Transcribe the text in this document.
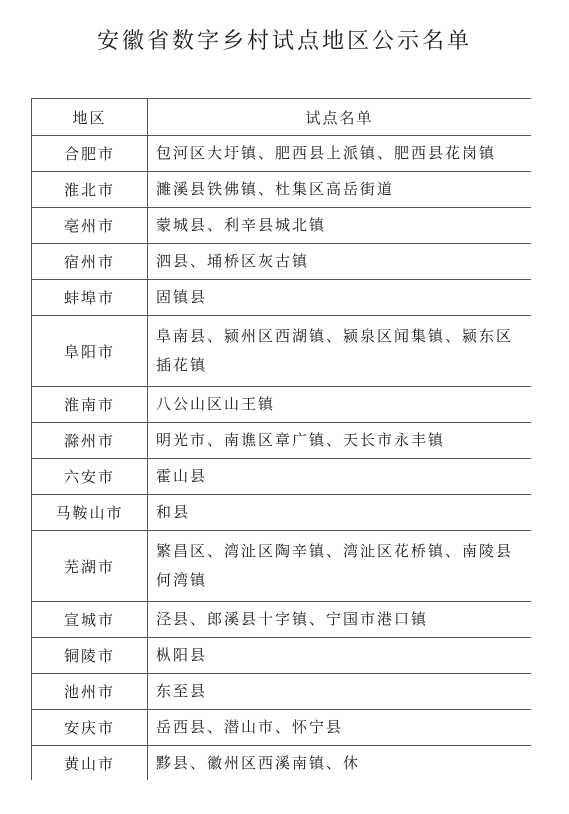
安徽省数字乡村试点地区公示名单
地区	试点名单
合肥市	包河区大圩镇、肥西县上派镇、肥西县花岗镇
淮北市	濉溪县铁佛镇、杜集区高岳街道
亳州市	蒙城县、利辛县城北镇
宿州市	泗县、埇桥区灰古镇
蚌埠市	固镇县
阜阳市	阜南县、颍州区西湖镇、颍泉区闻集镇、颍东区插花镇
淮南市	八公山区山王镇
滁州市	明光市、南谯区章广镇、天长市永丰镇
六安市	霍山县
马鞍山市	和县
芜湖市	繁昌区、湾沚区陶辛镇、湾沚区花桥镇、南陵县何湾镇
宣城市	泾县、郎溪县十字镇、宁国市港口镇
铜陵市	枞阳县
池州市	东至县
安庆市	岳西县、潜山市、怀宁县
黄山市	黟县、徽州区西溪南镇、休
